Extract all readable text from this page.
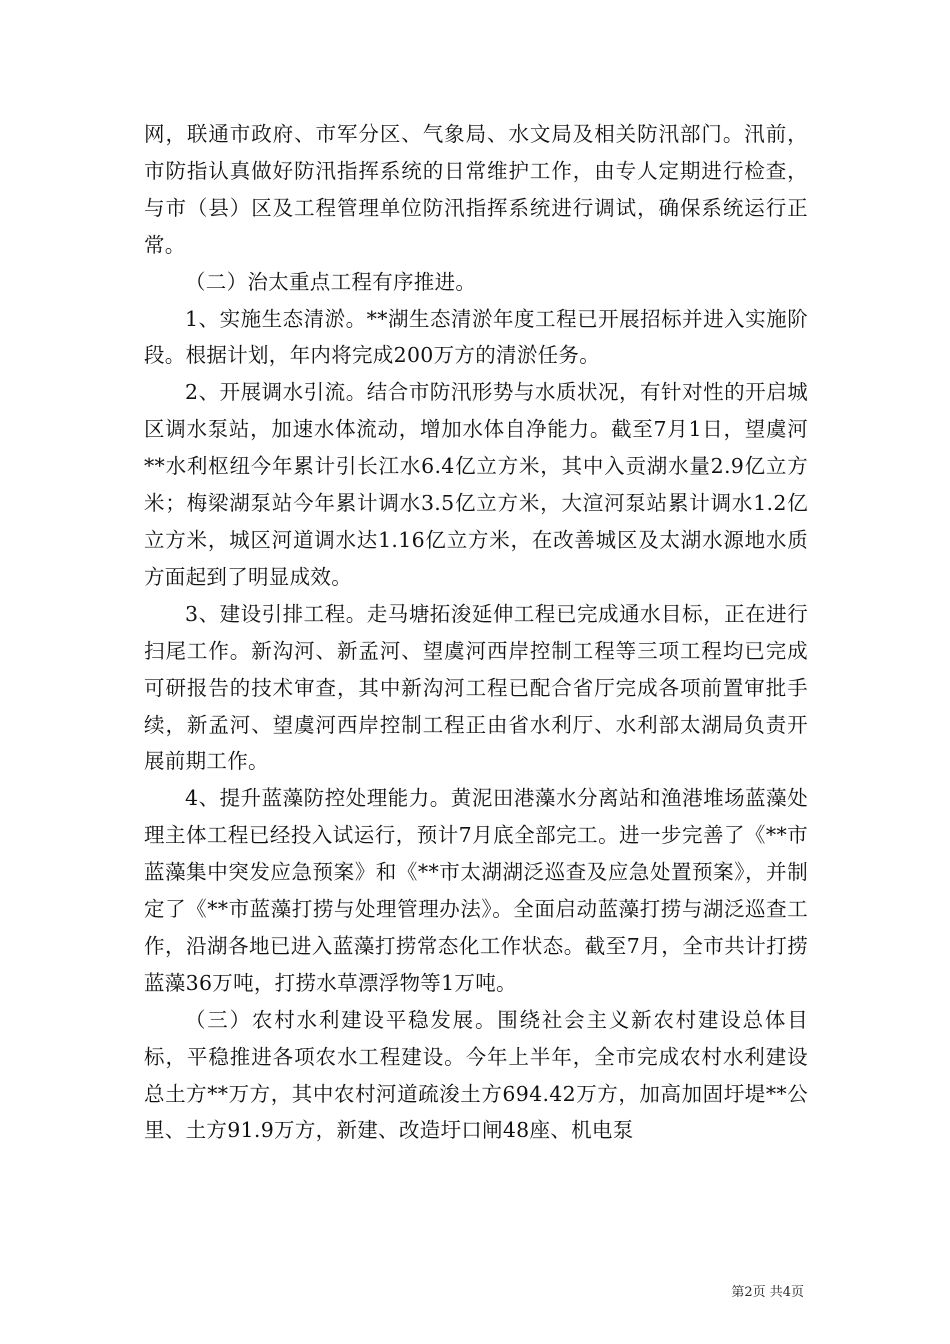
网，联通市政府、市军分区、气象局、水文局及相关防汛部门。汛前，市防指认真做好防汛指挥系统的日常维护工作，由专人定期进行检查，与市（县）区及工程管理单位防汛指挥系统进行调试，确保系统运行正常。

（二）治太重点工程有序推进。

1、实施生态清淤。**湖生态清淤年度工程已开展招标并进入实施阶段。根据计划，年内将完成200万方的清淤任务。

2、开展调水引流。结合市防汛形势与水质状况，有针对性的开启城区调水泵站，加速水体流动，增加水体自净能力。截至7月1日，望虞河**水利枢纽今年累计引长江水6.4亿立方米，其中入贡湖水量2.9亿立方米；梅梁湖泵站今年累计调水3.5亿立方米，大渲河泵站累计调水1.2亿立方米，城区河道调水达1.16亿立方米，在改善城区及太湖水源地水质方面起到了明显成效。

3、建设引排工程。走马塘拓浚延伸工程已完成通水目标，正在进行扫尾工作。新沟河、新孟河、望虞河西岸控制工程等三项工程均已完成可研报告的技术审查，其中新沟河工程已配合省厅完成各项前置审批手续，新孟河、望虞河西岸控制工程正由省水利厅、水利部太湖局负责开展前期工作。

4、提升蓝藻防控处理能力。黄泥田港藻水分离站和渔港堆场蓝藻处理主体工程已经投入试运行，预计7月底全部完工。进一步完善了《**市蓝藻集中突发应急预案》和《**市太湖湖泛巡查及应急处置预案》，并制定了《**市蓝藻打捞与处理管理办法》。全面启动蓝藻打捞与湖泛巡查工作，沿湖各地已进入蓝藻打捞常态化工作状态。截至7月，全市共计打捞蓝藻36万吨，打捞水草漂浮物等1万吨。

（三）农村水利建设平稳发展。围绕社会主义新农村建设总体目标，平稳推进各项农水工程建设。今年上半年，全市完成农村水利建设总土方**万方，其中农村河道疏浚土方694.42万方，加高加固圩堤**公里、土方91.9万方，新建、改造圩口闸48座、机电泵

第2页 共4页
